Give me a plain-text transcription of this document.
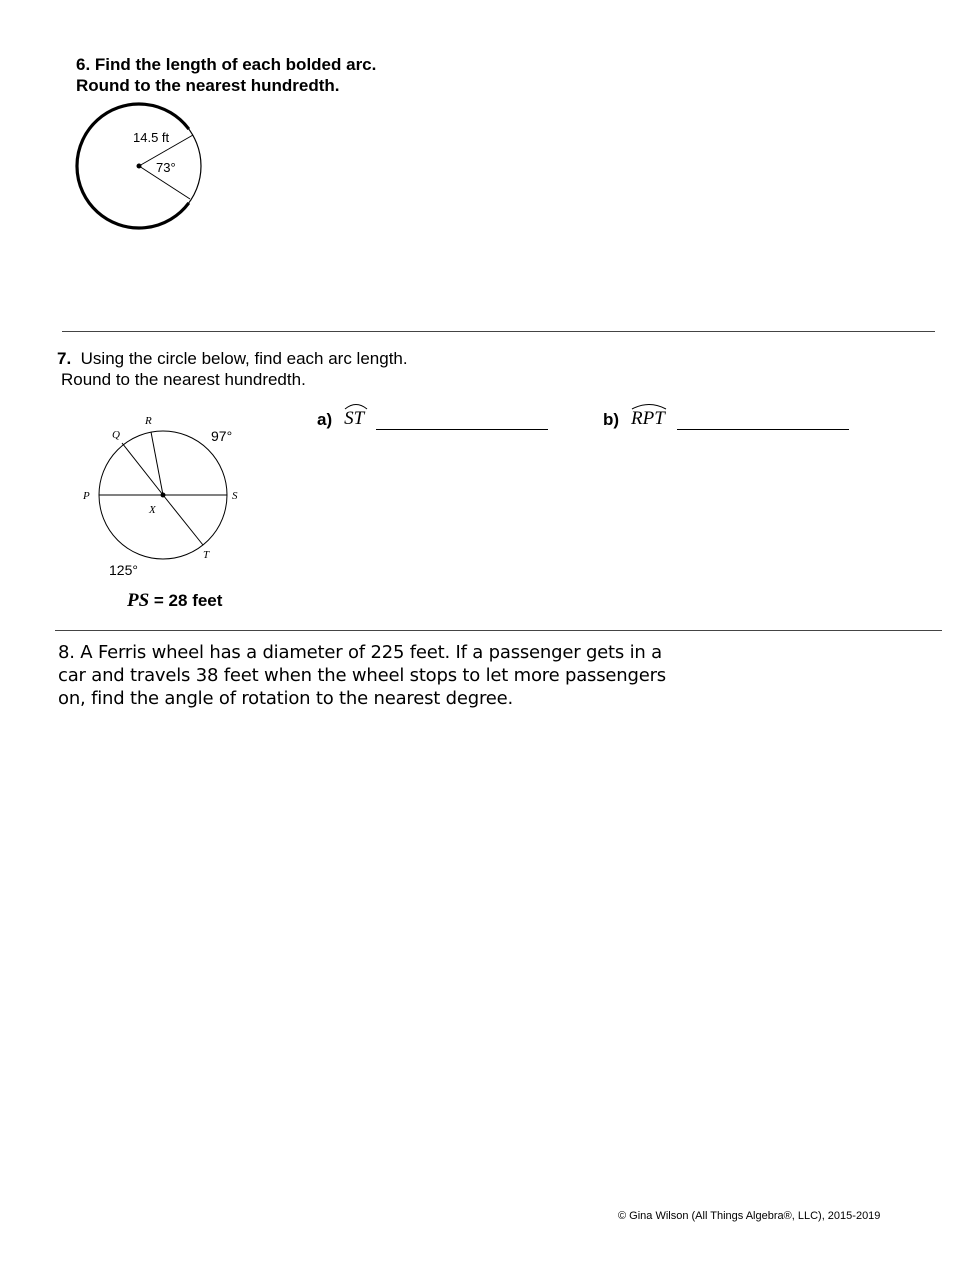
6. Find the length of each bolded arc.
Round to the nearest hundredth.
14.5 ft
73°
7. Using the circle below, find each arc length.
Round to the nearest hundredth.
R
Q
P	S
X
T
97°
125°
PS = 28 feet
a) ST	b) RPT
8. A Ferris wheel has a diameter of 225 feet. If a passenger gets in a
car and travels 38 feet when the wheel stops to let more passengers
on, find the angle of rotation to the nearest degree.
© Gina Wilson (All Things Algebra®, LLC), 2015-2019
